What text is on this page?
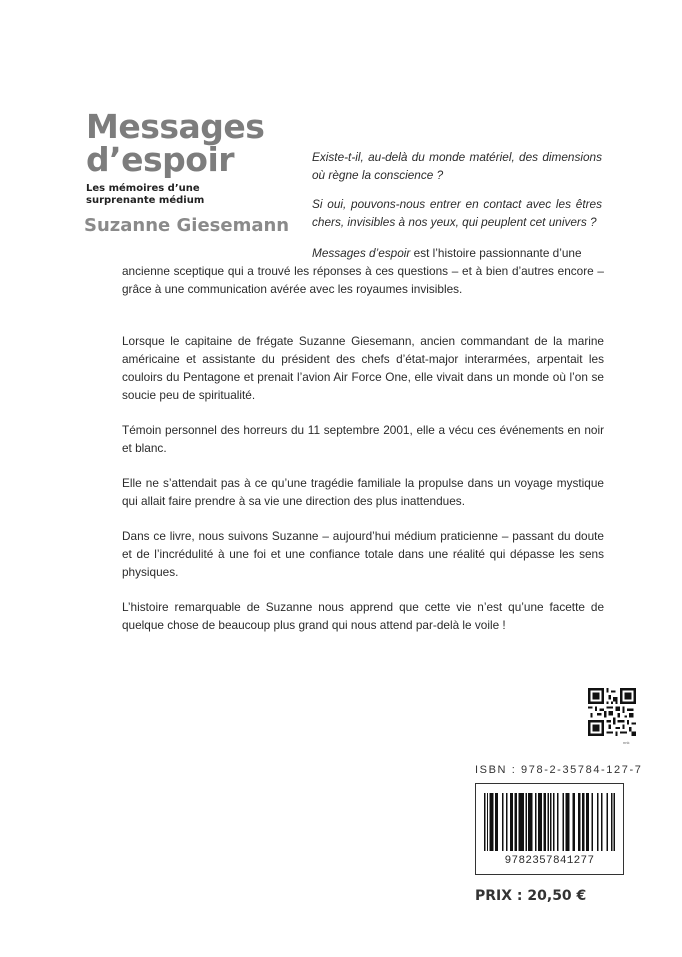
Messages
d’espoir
Les mémoires d’une
surprenante médium
Suzanne Giesemann

Existe-t-il, au-delà du monde matériel, des dimensions où règne la conscience ?

Si oui, pouvons-nous entrer en contact avec les êtres chers, invisibles à nos yeux, qui peuplent cet univers ?

Messages d’espoir est l’histoire passionnante d’une
ancienne sceptique qui a trouvé les réponses à ces questions – et à bien d’autres encore – grâce à une communication avérée avec les royaumes invisibles.

Lorsque le capitaine de frégate Suzanne Giesemann, ancien commandant de la marine américaine et assistante du président des chefs d’état-major interarmées, arpentait les couloirs du Pentagone et prenait l’avion Air Force One, elle vivait dans un monde où l’on se soucie peu de spiritualité.

Témoin personnel des horreurs du 11 septembre 2001, elle a vécu ces événements en noir et blanc.

Elle ne s’attendait pas à ce qu’une tragédie familiale la propulse dans un voyage mystique qui allait faire prendre à sa vie une direction des plus inattendues.

Dans ce livre, nous suivons Suzanne – aujourd’hui médium praticienne – passant du doute et de l’incrédulité à une foi et une confiance totale dans une réalité qui dépasse les sens physiques.

L’histoire remarquable de Suzanne nous apprend que cette vie n’est qu’une facette de quelque chose de beaucoup plus grand qui nous attend par-delà le voile !

nnk
ISBN : 978-2-35784-127-7
9782357841277
PRIX : 20,50 €
